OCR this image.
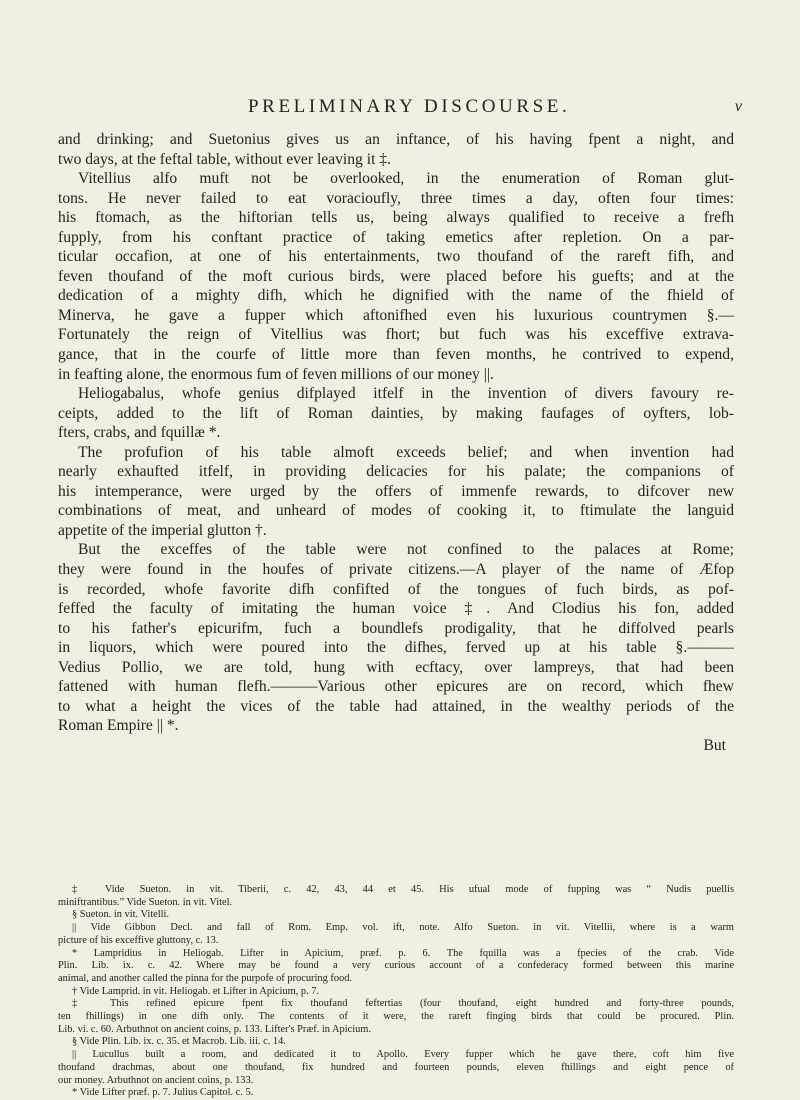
PRELIMINARY DISCOURSE.	v
and drinking; and Suetonius gives us an inftance, of his having fpent a night, and
two days, at the feftal table, without ever leaving it ‡.
Vitellius alfo muft not be overlooked, in the enumeration of Roman glut-
tons. He never failed to eat voracioufly, three times a day, often four times:
his ftomach, as the hiftorian tells us, being always qualified to receive a frefh
fupply, from his conftant practice of taking emetics after repletion. On a par-
ticular occafion, at one of his entertainments, two thoufand of the rareft fifh, and
feven thoufand of the moft curious birds, were placed before his guefts; and at the
dedication of a mighty difh, which he dignified with the name of the fhield of
Minerva, he gave a fupper which aftonifhed even his luxurious countrymen §.—
Fortunately the reign of Vitellius was fhort; but fuch was his exceffive extrava-
gance, that in the courfe of little more than feven months, he contrived to expend,
in feafting alone, the enormous fum of feven millions of our money ||.
Heliogabalus, whofe genius difplayed itfelf in the invention of divers favoury re-
ceipts, added to the lift of Roman dainties, by making faufages of oyfters, lob-
fters, crabs, and fquillæ *.
The profufion of his table almoft exceeds belief; and when invention had
nearly exhaufted itfelf, in providing delicacies for his palate; the companions of
his intemperance, were urged by the offers of immenfe rewards, to difcover new
combinations of meat, and unheard of modes of cooking it, to ftimulate the languid
appetite of the imperial glutton †.
But the exceffes of the table were not confined to the palaces at Rome;
they were found in the houfes of private citizens.—A player of the name of Æfop
is recorded, whofe favorite difh confifted of the tongues of fuch birds, as pof-
feffed the faculty of imitating the human voice ‡. And Clodius his fon, added
to his father's epicurifm, fuch a boundlefs prodigality, that he diffolved pearls
in liquors, which were poured into the difhes, ferved up at his table §.———
Vedius Pollio, we are told, hung with ecftacy, over lampreys, that had been
fattened with human flefh.———Various other epicures are on record, which fhew
to what a height the vices of the table had attained, in the wealthy periods of the
Roman Empire || *.
But
‡ Vide Sueton. in vit. Tiberii, c. 42, 43, 44 et 45. His ufual mode of fupping was “ Nudis puellis
miniftrantibus.” Vide Sueton. in vit. Vitel.
§ Sueton. in vit. Vitelli.
|| Vide Gibbon Decl. and fall of Rom. Emp. vol. ift, note. Alfo Sueton. in vit. Vitellii, where is a warm
picture of his exceffive gluttony, c. 13.
* Lampridius in Heliogab. Lifter in Apicium, præf. p. 6. The fquilla was a fpecies of the crab. Vide
Plin. Lib. ix. c. 42. Where may be found a very curious account of a confederacy formed between this marine
animal, and another called the pinna for the purpofe of procuring food.
† Vide Lamprid. in vit. Heliogab. et Lifter in Apicium, p. 7.
‡ This refined epicure fpent fix thoufand feftertias (four thoufand, eight hundred and forty-three pounds,
ten fhillings) in one difh only. The contents of it were, the rareft finging birds that could be procured. Plin.
Lib. vi. c. 60. Arbuthnot on ancient coins, p. 133. Lifter's Præf. in Apicium.
§ Vide Plin. Lib. ix. c. 35. et Macrob. Lib. iii. c. 14.
|| Lucullus built a room, and dedicated it to Apollo. Every fupper which he gave there, coft him five
thoufand drachmas, about one thoufand, fix hundred and fourteen pounds, eleven fhillings and eight pence of
our money. Arbuthnot on ancient coins, p. 133.
* Vide Lifter præf. p. 7. Julius Capitol. c. 5.
